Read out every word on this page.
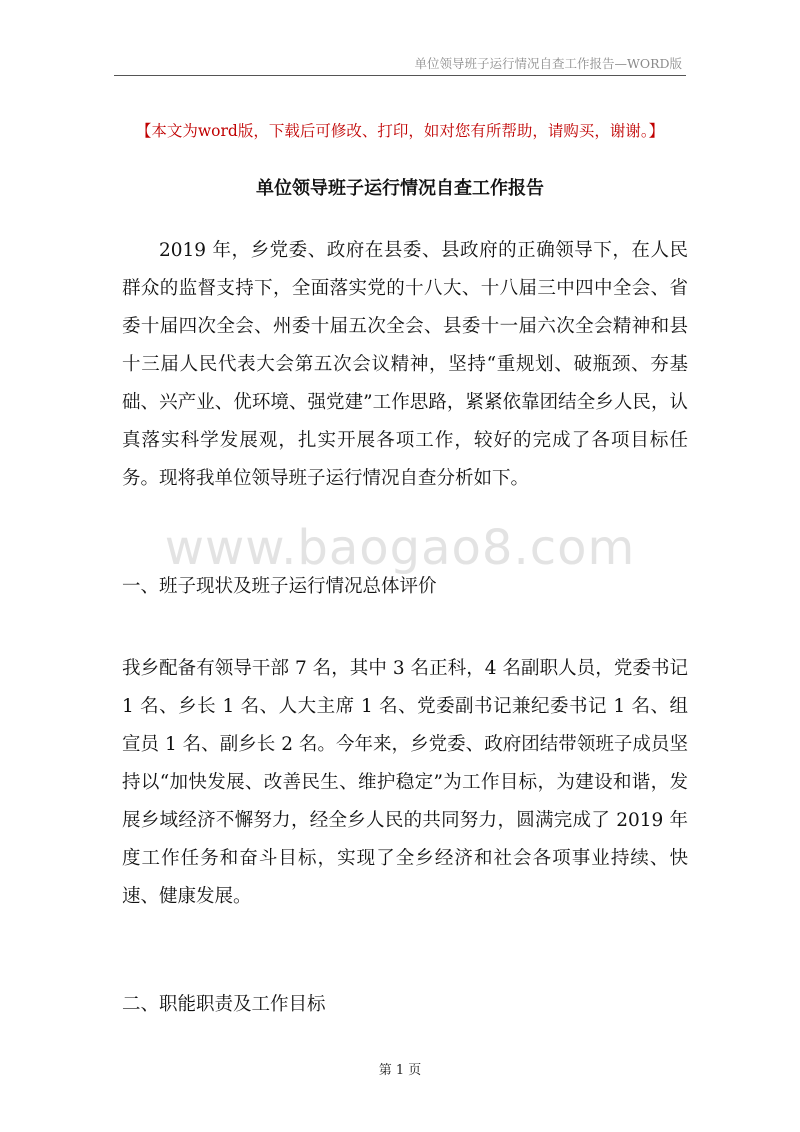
单位领导班子运行情况自查工作报告—WORD版
【本文为word版，下载后可修改、打印，如对您有所帮助，请购买，谢谢。】
单位领导班子运行情况自查工作报告

2019 年，乡党委、政府在县委、县政府的正确领导下，在人民群众的监督支持下，全面落实党的十八大、十八届三中四中全会、省委十届四次全会、州委十届五次全会、县委十一届六次全会精神和县十三届人民代表大会第五次会议精神，坚持“重规划、破瓶颈、夯基础、兴产业、优环境、强党建”工作思路，紧紧依靠团结全乡人民，认真落实科学发展观，扎实开展各项工作，较好的完成了各项目标任务。现将我单位领导班子运行情况自查分析如下。

www.baogao8.com
一、班子现状及班子运行情况总体评价

我乡配备有领导干部 7 名，其中 3 名正科，4 名副职人员，党委书记 1 名、乡长 1 名、人大主席 1 名、党委副书记兼纪委书记 1 名、组宣员 1 名、副乡长 2 名。今年来，乡党委、政府团结带领班子成员坚持以“加快发展、改善民生、维护稳定”为工作目标，为建设和谐，发展乡域经济不懈努力，经全乡人民的共同努力，圆满完成了 2019 年度工作任务和奋斗目标，实现了全乡经济和社会各项事业持续、快速、健康发展。

二、职能职责及工作目标
第 1 页
